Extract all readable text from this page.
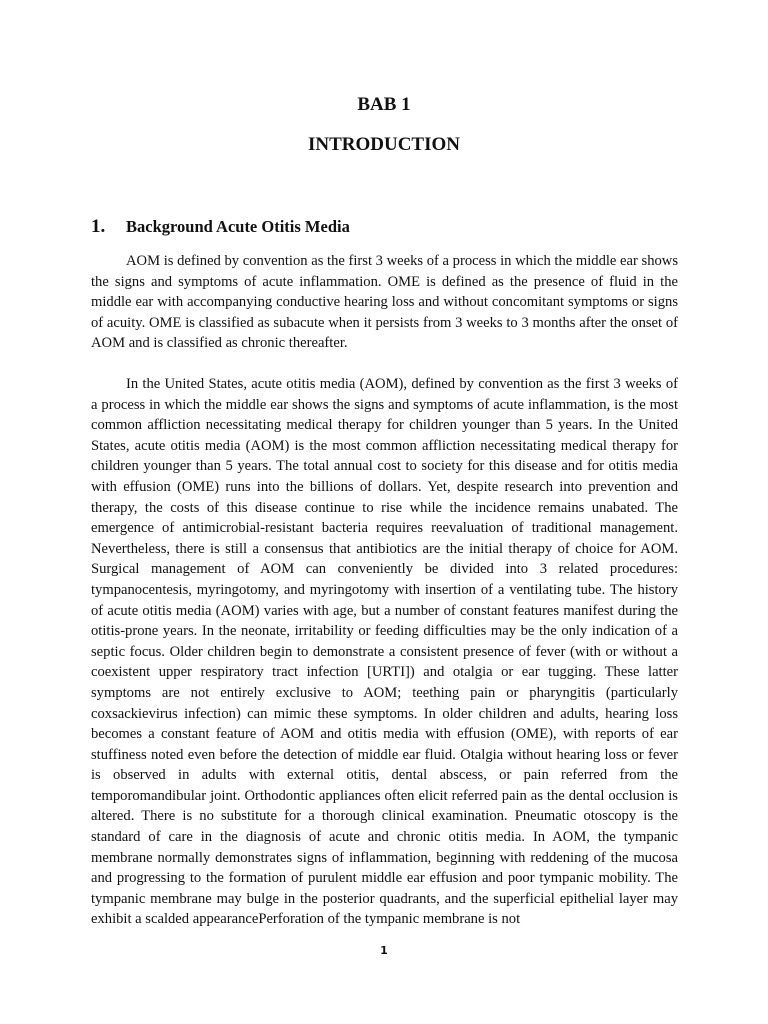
BAB 1
INTRODUCTION
1. Background Acute Otitis Media

AOM is defined by convention as the first 3 weeks of a process in which the middle ear shows the signs and symptoms of acute inflammation. OME is defined as the presence of fluid in the middle ear with accompanying conductive hearing loss and without concomitant symptoms or signs of acuity. OME is classified as subacute when it persists from 3 weeks to 3 months after the onset of AOM and is classified as chronic thereafter.

In the United States, acute otitis media (AOM), defined by convention as the first 3 weeks of a process in which the middle ear shows the signs and symptoms of acute inflammation, is the most common affliction necessitating medical therapy for children younger than 5 years. In the United States, acute otitis media (AOM) is the most common affliction necessitating medical therapy for children younger than 5 years. The total annual cost to society for this disease and for otitis media with effusion (OME) runs into the billions of dollars. Yet, despite research into prevention and therapy, the costs of this disease continue to rise while the incidence remains unabated. The emergence of antimicrobial-resistant bacteria requires reevaluation of traditional management. Nevertheless, there is still a consensus that antibiotics are the initial therapy of choice for AOM. Surgical management of AOM can conveniently be divided into 3 related procedures: tympanocentesis, myringotomy, and myringotomy with insertion of a ventilating tube. The history of acute otitis media (AOM) varies with age, but a number of constant features manifest during the otitis-prone years. In the neonate, irritability or feeding difficulties may be the only indication of a septic focus. Older children begin to demonstrate a consistent presence of fever (with or without a coexistent upper respiratory tract infection [URTI]) and otalgia or ear tugging. These latter symptoms are not entirely exclusive to AOM; teething pain or pharyngitis (particularly coxsackievirus infection) can mimic these symptoms. In older children and adults, hearing loss becomes a constant feature of AOM and otitis media with effusion (OME), with reports of ear stuffiness noted even before the detection of middle ear fluid. Otalgia without hearing loss or fever is observed in adults with external otitis, dental abscess, or pain referred from the temporomandibular joint. Orthodontic appliances often elicit referred pain as the dental occlusion is altered. There is no substitute for a thorough clinical examination. Pneumatic otoscopy is the standard of care in the diagnosis of acute and chronic otitis media. In AOM, the tympanic membrane normally demonstrates signs of inflammation, beginning with reddening of the mucosa and progressing to the formation of purulent middle ear effusion and poor tympanic mobility. The tympanic membrane may bulge in the posterior quadrants, and the superficial epithelial layer may exhibit a scalded appearancePerforation of the tympanic membrane is not

1
